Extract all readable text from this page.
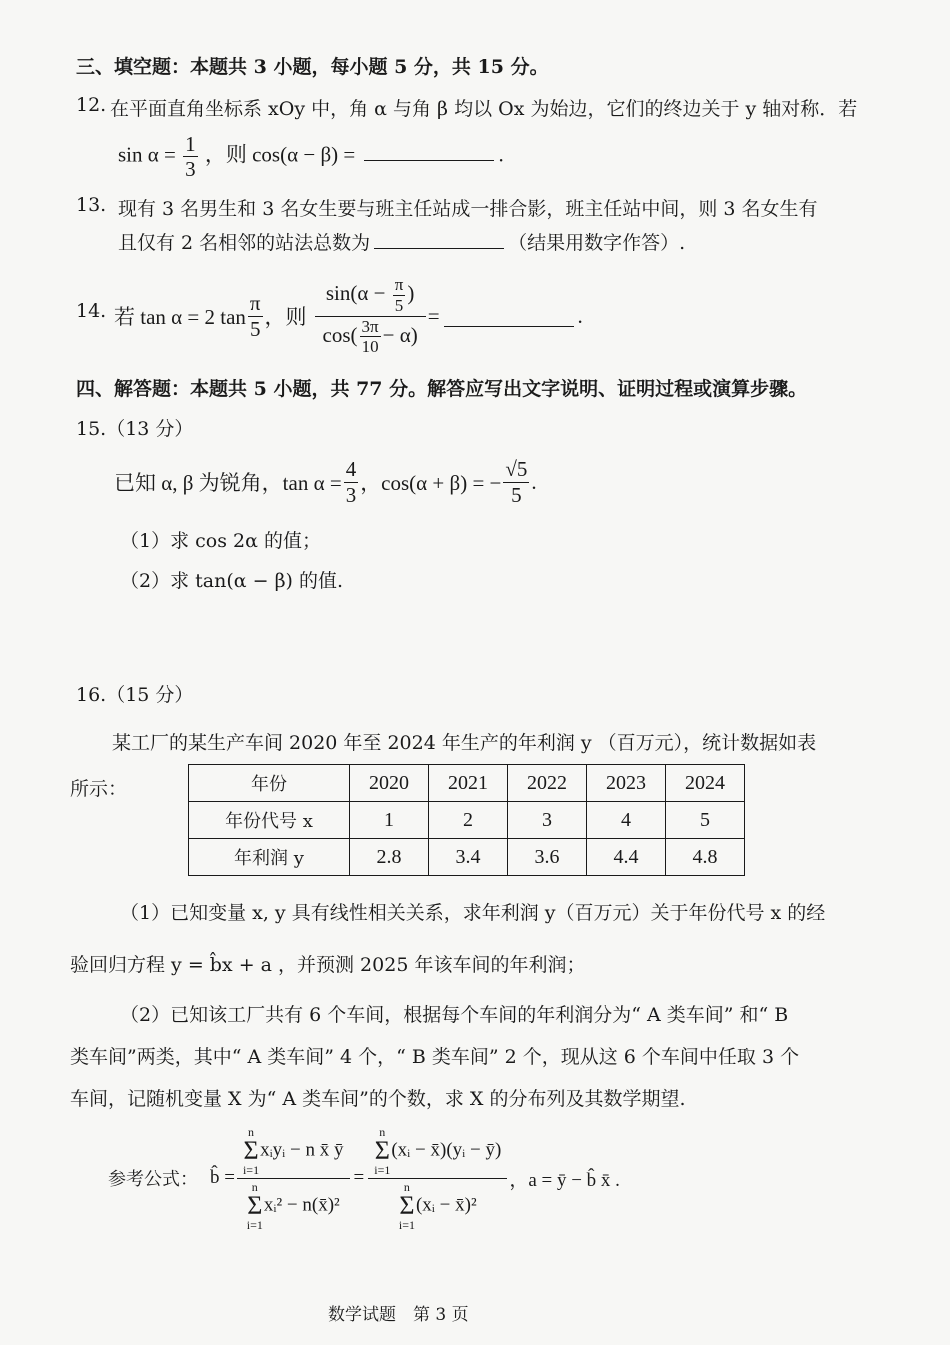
三、填空题：本题共 3 小题，每小题 5 分，共 15 分。
12. 在平面直角坐标系 xOy 中，角 α 与角 β 均以 Ox 为始边，它们的终边关于 y 轴对称．若
$\sin \alpha = \frac{1}{3}$ ，则 cos(α − β) =	.
13. 现有 3 名男生和 3 名女生要与班主任站成一排合影，班主任站中间，则 3 名女生有
且仅有 2 名相邻的站法总数为	（结果用数字作答）.
14. 若 tan α = 2 $\tan \frac{\pi}{5}$ ，则 $\frac{\sin(\alpha - \frac{\pi}{5} )}{\cos( \frac{3\pi}{10} - \alpha)}$ =	.
四、解答题：本题共 5 小题，共 77 分。解答应写出文字说明、证明过程或演算步骤。
15.（13 分）
已知 α, β 为锐角，$\tan \alpha = \frac{4}{3}$ ，cos(α + β) = − $\frac{√5}{5}$ .
（1）求 cos 2α 的值；
（2）求 tan(α − β) 的值.
16.（15 分）
某工厂的某生产车间 2020 年至 2024 年生产的年利润 y （百万元），统计数据如表
所示：	年份	2020	2021	2022	2023	2024
年份代号 x	1	2	3	4	5
年利润 y	2.8	3.4	3.6	4.4	4.8
（1）已知变量 x, y 具有线性相关关系，求年利润 y（百万元）关于年份代号 x 的经
验回归方程 y = b̂x + a ，并预测 2025 年该车间的年利润；
（2）已知该工厂共有 6 个车间，根据每个车间的年利润分为“ A 类车间” 和“ B
类车间”两类，其中“ A 类车间” 4 个，“ B 类车间” 2 个，现从这 6 个车间中任取 3 个
车间，记随机变量 X 为“ A 类车间”的个数，求 X 的分布列及其数学期望.
参考公式： b̂ = n
Σ
i=1xᵢyᵢ − n x̄ ȳ
n
Σ
i=1xᵢ² − n(x̄)² = n
Σ
i=1(xᵢ − x̄)(yᵢ − ȳ)
n
Σ
i=1(xᵢ − x̄)² ，a = ȳ − b̂ x̄ .
数学试题　第 3 页
